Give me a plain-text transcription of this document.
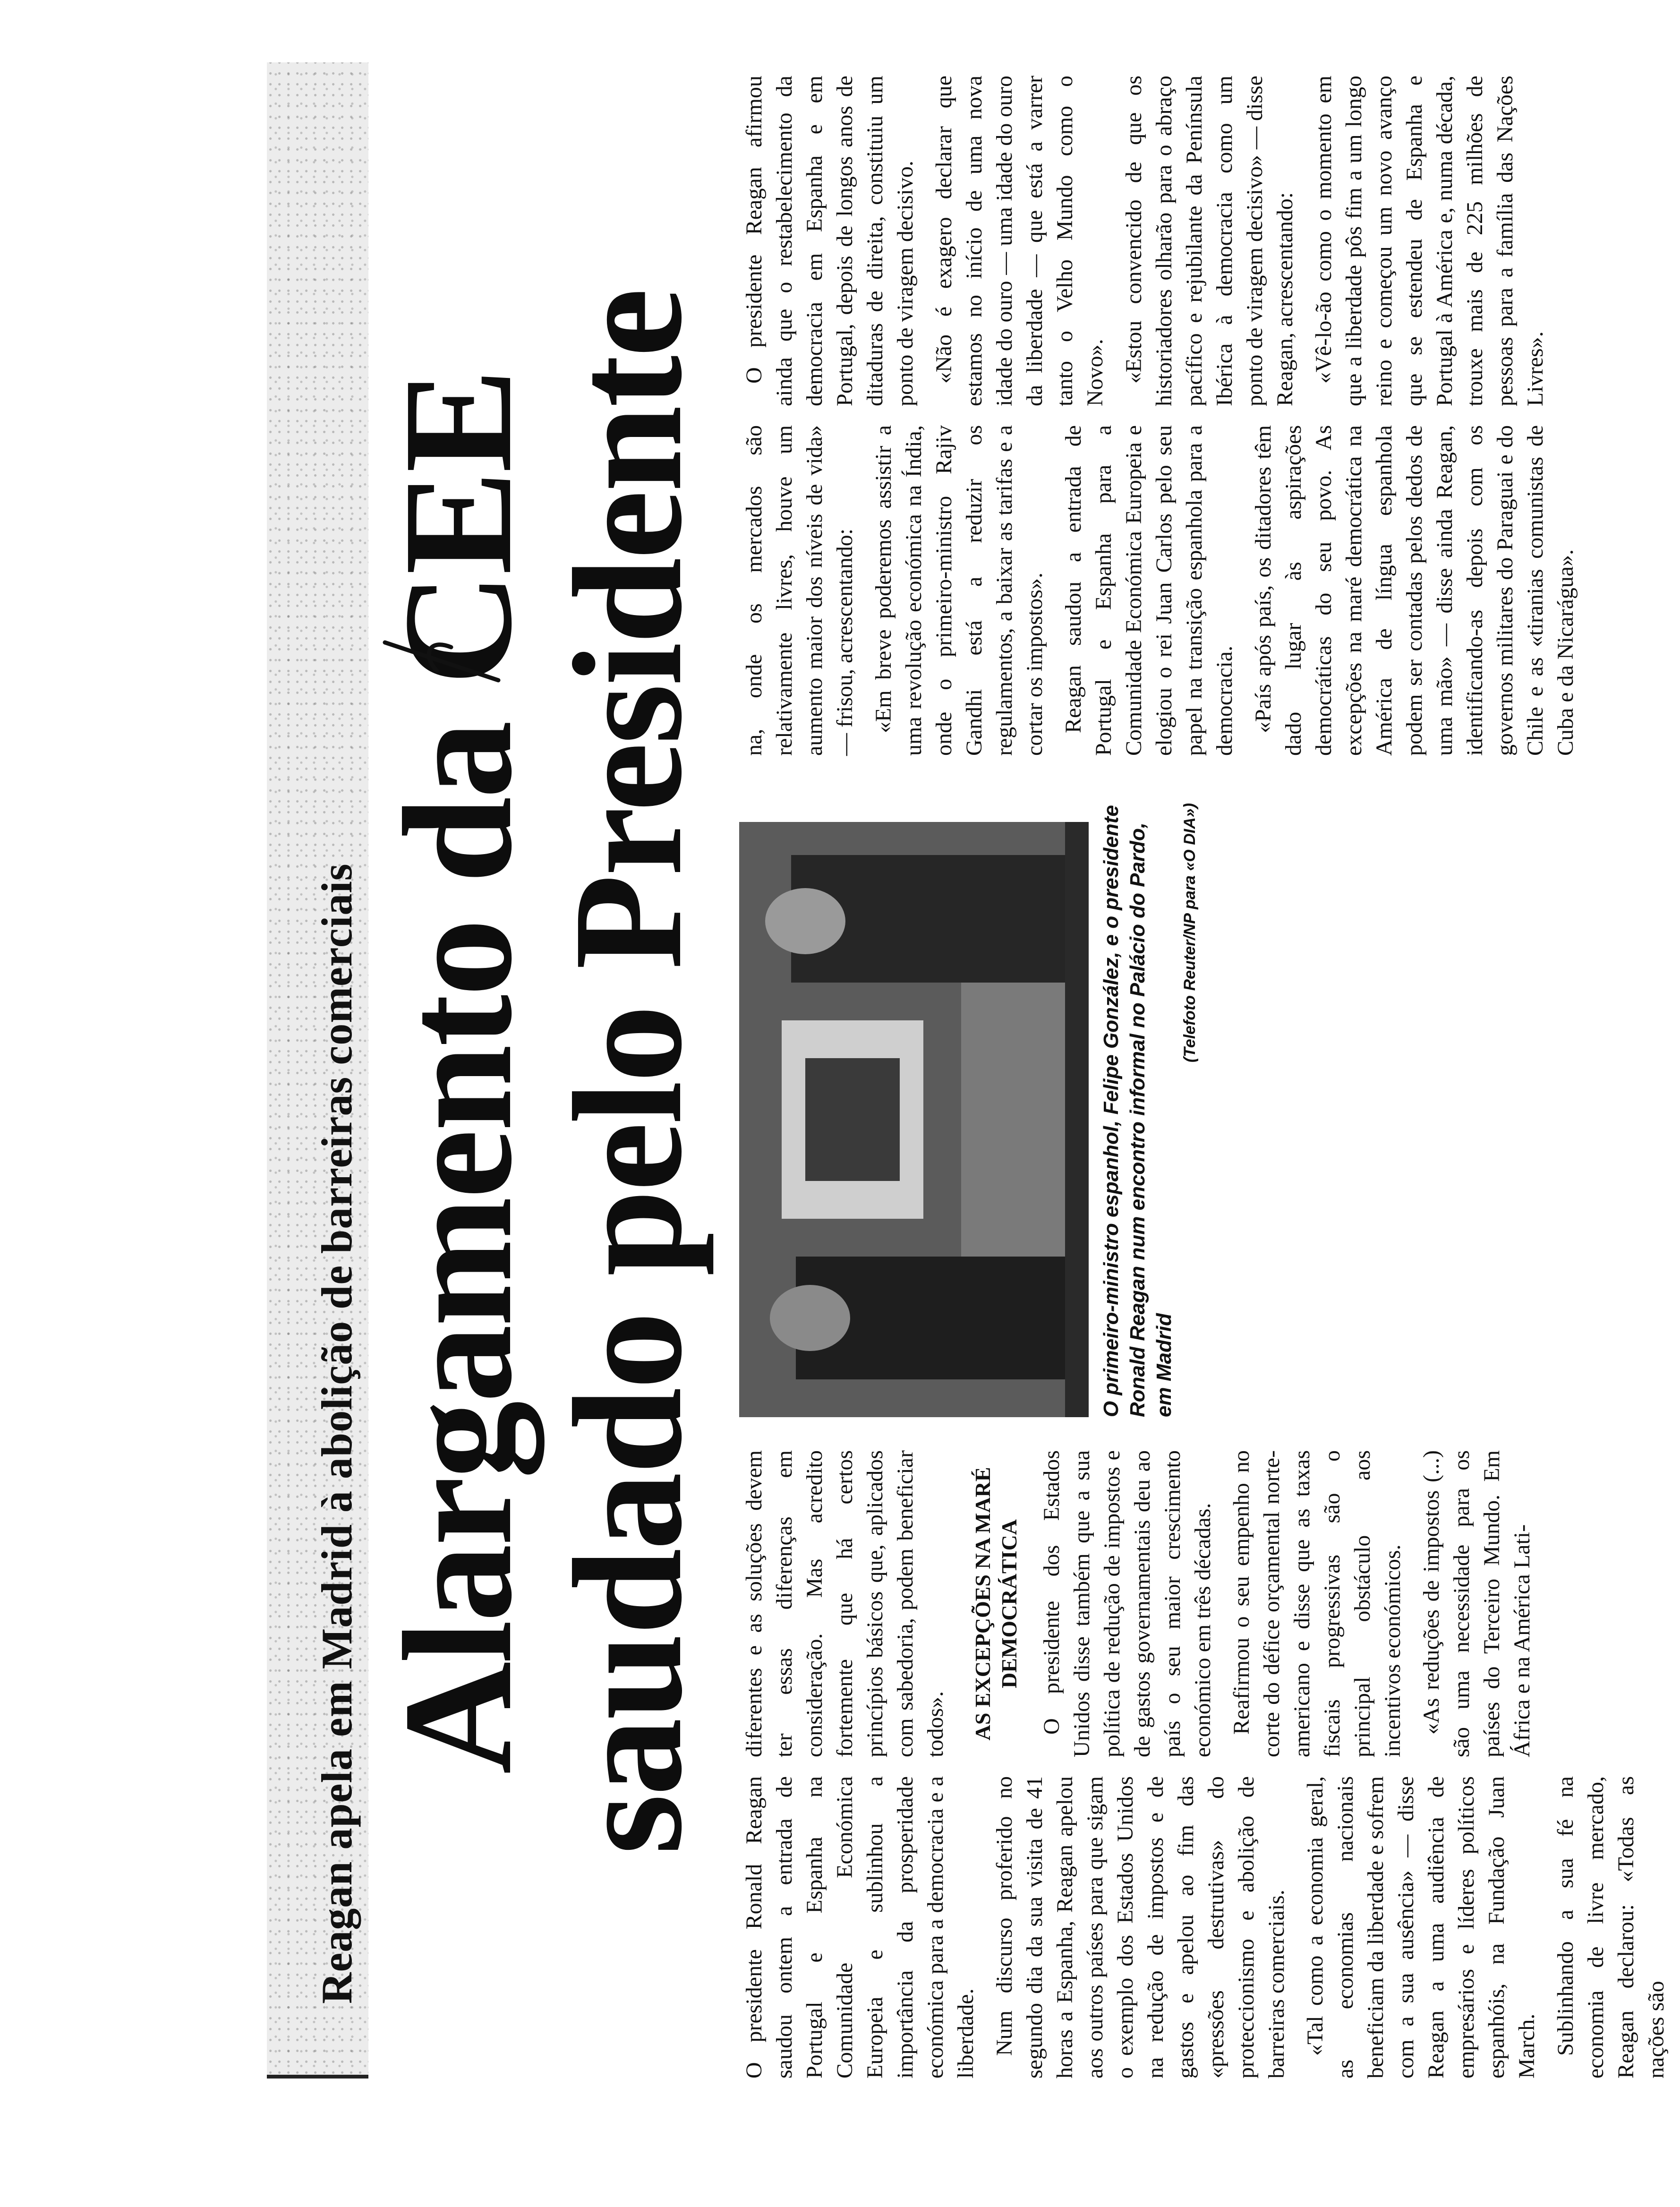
Reagan apela em Madrid à abolição de barreiras comerciais Alargamento da CEE
saudado pelo Presidente

O presidente Ronald Reagan saudou ontem a entrada de Portugal e Espanha na Comunidade Económica Europeia e sublinhou a importância da prosperidade económica para a democracia e a liberdade. Num discurso proferido no segundo dia da sua visita de 41 horas a Espanha, Reagan apelou aos outros países para que sigam o exemplo dos Estados Unidos na redução de impostos e de gastos e apelou ao fim das «pressões destrutivas» do proteccionismo e abolição de barreiras comerciais. «Tal como a economia geral, as economias nacionais beneficiam da liberdade e sofrem com a sua ausência» — disse Reagan a uma audiência de empresários e líderes políticos espanhóis, na Fundação Juan March. Sublinhando a sua fé na economia de livre mercado, Reagan declarou: «Todas as nações são

diferentes e as soluções devem ter essas diferenças em consideração. Mas acredito fortemente que há certos princípios básicos que, aplicados com sabedoria, podem beneficiar todos». AS EXCEPÇÕES NA MARÉ DEMOCRÁTICA O presidente dos Estados Unidos disse também que a sua política de redução de impostos e de gastos governamentais deu ao país o seu maior crescimento económico em três décadas. Reafirmou o seu empenho no corte do défice orçamental norte-americano e disse que as taxas fiscais progressivas são o principal obstáculo aos incentivos económicos. «As reduções de impostos (...) são uma necessidade para os países do Terceiro Mundo. Em África e na América Lati-

O primeiro-ministro espanhol, Felipe González, e o presidente Ronald Reagan num encontro informal no Palácio do Pardo, em Madrid
(Telefoto Reuter/NP para «O DIA»)

na, onde os mercados são relativamente livres, houve um aumento maior dos níveis de vida» — frisou, acrescentando: «Em breve poderemos assistir a uma revolução económica na Índia, onde o primeiro-ministro Rajiv Gandhi está a reduzir os regulamentos, a baixar as tarifas e a cortar os impostos». Reagan saudou a entrada de Portugal e Espanha para a Comunidade Económica Europeia e elogiou o rei Juan Carlos pelo seu papel na transição espanhola para a democracia. «País após país, os ditadores têm dado lugar às aspirações democráticas do seu povo. As excepções na maré democrática na América de língua espanhola podem ser contadas pelos dedos de uma mão» — disse ainda Reagan, identificando-as depois com os governos militares do Paraguai e do Chile e as «tiranias comunistas de Cuba e da Nicarágua».

O presidente Reagan afirmou ainda que o restabelecimento da democracia em Espanha e em Portugal, depois de longos anos de ditaduras de direita, constituiu um ponto de viragem decisivo. «Não é exagero declarar que estamos no início de uma nova idade do ouro — uma idade do ouro da liberdade — que está a varrer tanto o Velho Mundo como o Novo». «Estou convencido de que os historiadores olharão para o abraço pacífico e rejubilante da Península Ibérica à democracia como um ponto de viragem decisivo» — disse Reagan, acrescentando: «Vê-lo-ão como o momento em que a liberdade pôs fim a um longo reino e começou um novo avanço que se estendeu de Espanha e Portugal à América e, numa década, trouxe mais de 225 milhões de pessoas para a família das Nações Livres».
